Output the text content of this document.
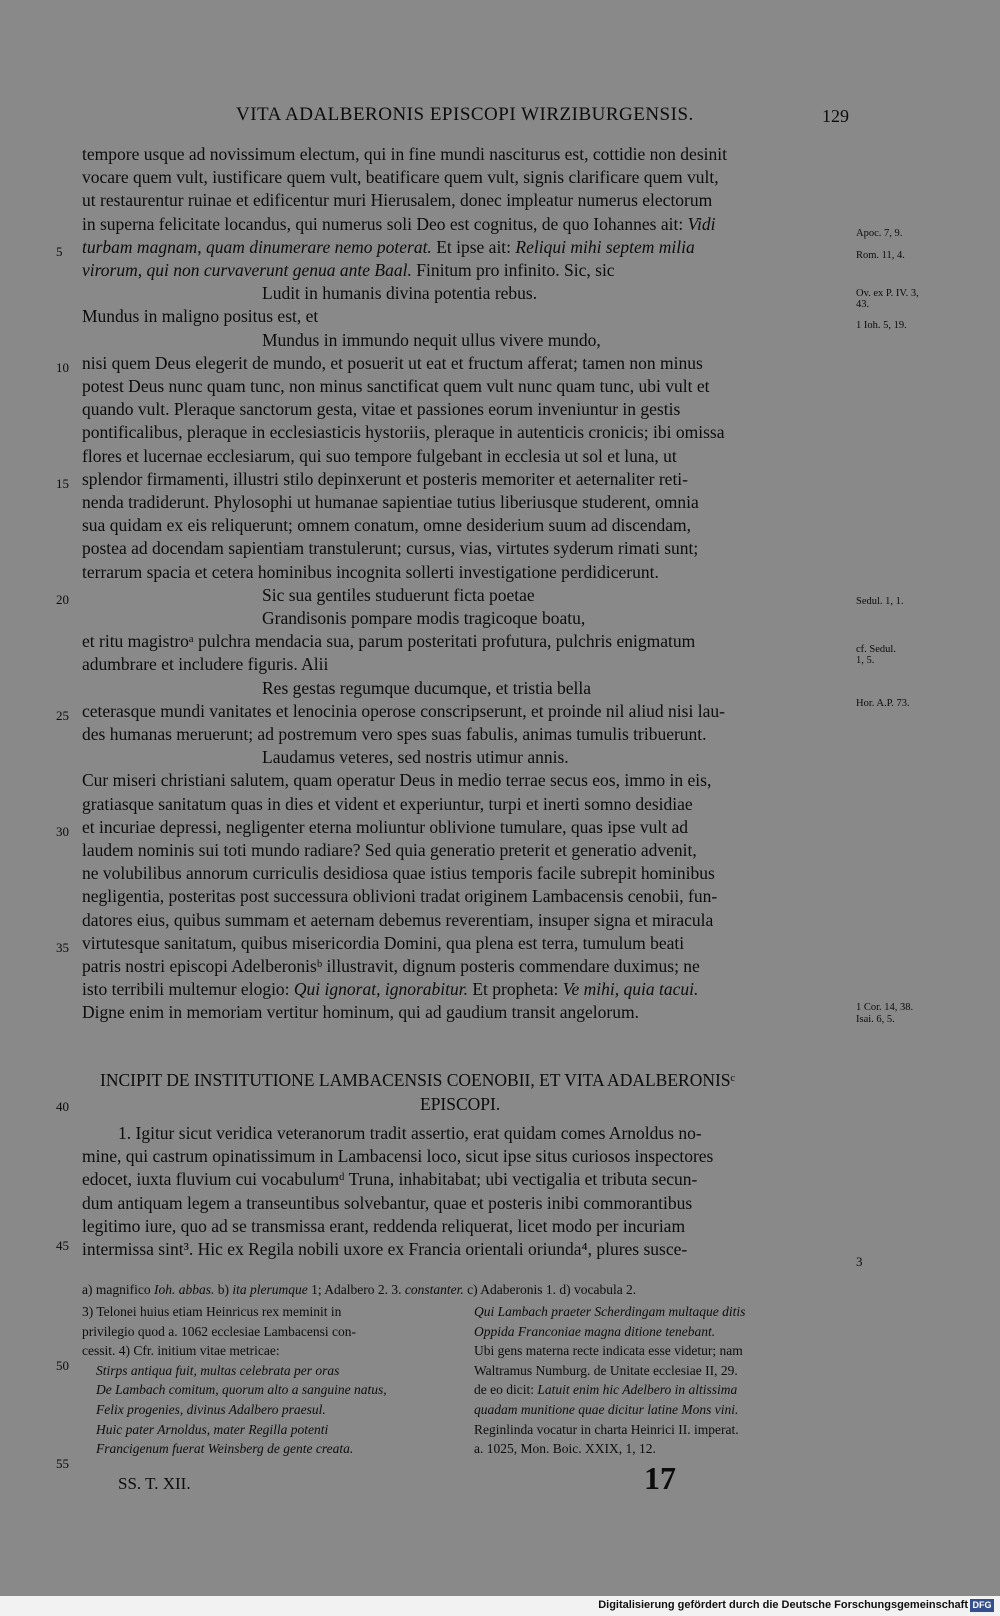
VITA ADALBERONIS EPISCOPI WIRZIBURGENSIS.	129
tempore usque ad novissimum electum, qui in fine mundi nasciturus est, cottidie non desinit
vocare quem vult, iustificare quem vult, beatificare quem vult, signis clarificare quem vult,
ut restaurentur ruinae et edificentur muri Hierusalem, donec impleatur numerus electorum
in superna felicitate locandus, qui numerus soli Deo est cognitus, de quo Iohannes ait: Vidi
turbam magnam, quam dinumerare nemo poterat. Et ipse ait: Reliqui mihi septem milia
virorum, qui non curvaverunt genua ante Baal. Finitum pro infinito. Sic, sic
Ludit in humanis divina potentia rebus.
Mundus in maligno positus est, et
Mundus in immundo nequit ullus vivere mundo,
nisi quem Deus elegerit de mundo, et posuerit ut eat et fructum afferat; tamen non minus
potest Deus nunc quam tunc, non minus sanctificat quem vult nunc quam tunc, ubi vult et
quando vult. Pleraque sanctorum gesta, vitae et passiones eorum inveniuntur in gestis
pontificalibus, pleraque in ecclesiasticis hystoriis, pleraque in autenticis cronicis; ibi omissa
flores et lucernae ecclesiarum, qui suo tempore fulgebant in ecclesia ut sol et luna, ut
splendor firmamenti, illustri stilo depinxerunt et posteris memoriter et aeternaliter reti-
nenda tradiderunt. Phylosophi ut humanae sapientiae tutius liberiusque studerent, omnia
sua quidam ex eis reliquerunt; omnem conatum, omne desiderium suum ad discendam,
postea ad docendam sapientiam transtulerunt; cursus, vias, virtutes syderum rimati sunt;
terrarum spacia et cetera hominibus incognita sollerti investigatione perdidicerunt.
Sic sua gentiles studuerunt ficta poetae
Grandisonis pompare modis tragicoque boatu,
et ritu magistroᵃ pulchra mendacia sua, parum posteritati profutura, pulchris enigmatum
adumbrare et includere figuris. Alii
Res gestas regumque ducumque, et tristia bella
ceterasque mundi vanitates et lenocinia operose conscripserunt, et proinde nil aliud nisi lau-
des humanas meruerunt; ad postremum vero spes suas fabulis, animas tumulis tribuerunt.
Laudamus veteres, sed nostris utimur annis.
Cur miseri christiani salutem, quam operatur Deus in medio terrae secus eos, immo in eis,
gratiasque sanitatum quas in dies et vident et experiuntur, turpi et inerti somno desidiae
et incuriae depressi, negligenter eterna moliuntur oblivione tumulare, quas ipse vult ad
laudem nominis sui toti mundo radiare? Sed quia generatio preterit et generatio advenit,
ne volubilibus annorum curriculis desidiosa quae istius temporis facile subrepit hominibus
negligentia, posteritas post successura oblivioni tradat originem Lambacensis cenobii, fun-
datores eius, quibus summam et aeternam debemus reverentiam, insuper signa et miracula
virtutesque sanitatum, quibus misericordia Domini, qua plena est terra, tumulum beati
patris nostri episcopi Adelberonisᵇ illustravit, dignum posteris commendare duximus; ne
isto terribili multemur elogio: Qui ignorat, ignorabitur. Et propheta: Ve mihi, quia tacui.
Digne enim in memoriam vertitur hominum, qui ad gaudium transit angelorum.
5
10
15
20
25
30
35
Apoc. 7, 9.
Rom. 11, 4.
Ov. ex P. IV. 3, 43.
1 Ioh. 5, 19.
Sedul. 1, 1.
cf. Sedul. 1, 5.
Hor. A.P. 73.
1 Cor. 14, 38.
Isai. 6, 5.
INCIPIT DE INSTITUTIONE LAMBACENSIS COENOBII, ET VITA ADALBERONISᶜ
EPISCOPI.
40
1. Igitur sicut veridica veteranorum tradit assertio, erat quidam comes Arnoldus no-
mine, qui castrum opinatissimum in Lambacensi loco, sicut ipse situs curiosos inspectores
edocet, iuxta fluvium cui vocabulumᵈ Truna, inhabitabat; ubi vectigalia et tributa secun-
dum antiquam legem a transeuntibus solvebantur, quae et posteris inibi commorantibus
legitimo iure, quo ad se transmissa erant, reddenda reliquerat, licet modo per incuriam
intermissa sint³. Hic ex Regila nobili uxore ex Francia orientali oriunda⁴, plures susce-
45
3
a) magnifico Ioh. abbas. b) ita plerumque 1; Adalbero 2. 3. constanter. c) Adaberonis 1. d) vocabula 2.
3) Telonei huius etiam Heinricus rex meminit in
privilegio quod a. 1062 ecclesiae Lambacensi con-
cessit. 4) Cfr. initium vitae metricae:
Stirps antiqua fuit, multas celebrata per oras
De Lambach comitum, quorum alto a sanguine natus,
Felix progenies, divinus Adalbero praesul.
Huic pater Arnoldus, mater Regilla potenti
Francigenum fuerat Weinsberg de gente creata.
Qui Lambach praeter Scherdingam multaque ditis
Oppida Franconiae magna ditione tenebant.
Ubi gens materna recte indicata esse videtur; nam
Waltramus Numburg. de Unitate ecclesiae II, 29.
de eo dicit: Latuit enim hic Adelbero in altissima
quadam munitione quae dicitur latine Mons vini.
Reginlinda vocatur in charta Heinrici II. imperat.
a. 1025, Mon. Boic. XXIX, 1, 12.
50
55
SS. T. XII.	17
Digitalisierung gefördert durch die Deutsche Forschungsgemeinschaft DFG
